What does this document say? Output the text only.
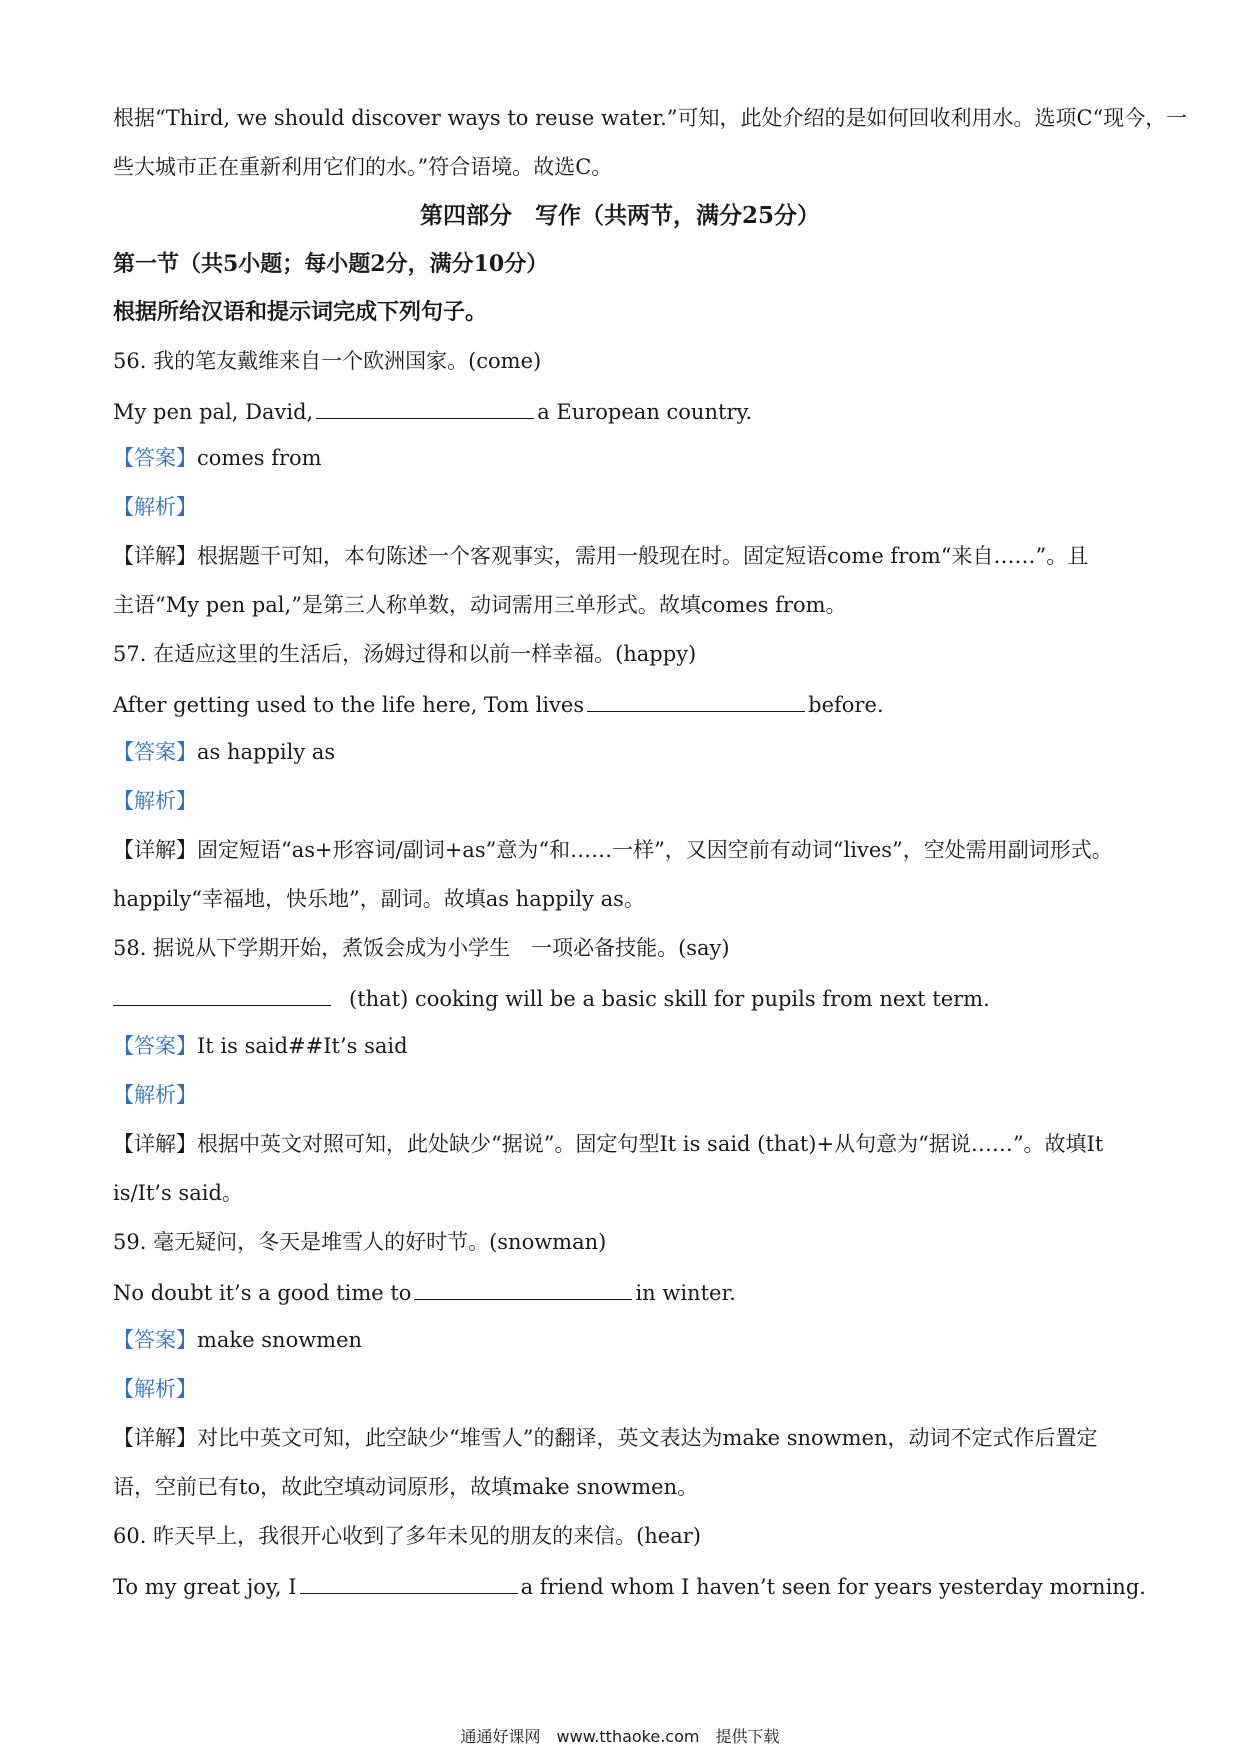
根据“Third, we should discover ways to reuse water.”可知，此处介绍的是如何回收利用水。选项C“现今，一
些大城市正在重新利用它们的水。”符合语境。故选C。
第四部分　写作（共两节，满分25分）
第一节（共5小题；每小题2分，满分10分）
根据所给汉语和提示词完成下列句子。
56. 我的笔友戴维来自一个欧洲国家。(come)
My pen pal, David,	a European country.
【答案】comes from
【解析】
【详解】根据题干可知，本句陈述一个客观事实，需用一般现在时。固定短语come from“来自……”。且
主语“My pen pal,”是第三人称单数，动词需用三单形式。故填comes from。
57. 在适应这里的生活后，汤姆过得和以前一样幸福。(happy)
After getting used to the life here, Tom lives	before.
【答案】as happily as
【解析】
【详解】固定短语“as+形容词/副词+as”意为“和……一样”，又因空前有动词“lives”，空处需用副词形式。
happily“幸福地，快乐地”，副词。故填as happily as。
58. 据说从下学期开始，煮饭会成为小学生　一项必备技能。(say)
(that) cooking will be a basic skill for pupils from next term.
【答案】It is said##It’s said
【解析】
【详解】根据中英文对照可知，此处缺少“据说”。固定句型It is said (that)+从句意为“据说……”。故填It
is/It’s said。
59. 毫无疑问，冬天是堆雪人的好时节。(snowman)
No doubt it’s a good time to	in winter.
【答案】make snowmen
【解析】
【详解】对比中英文可知，此空缺少“堆雪人”的翻译，英文表达为make snowmen，动词不定式作后置定
语，空前已有to，故此空填动词原形，故填make snowmen。
60. 昨天早上，我很开心收到了多年未见的朋友的来信。(hear)
To my great joy, I	a friend whom I haven’t seen for years yesterday morning.
通通好课网　www.tthaoke.com　提供下载
